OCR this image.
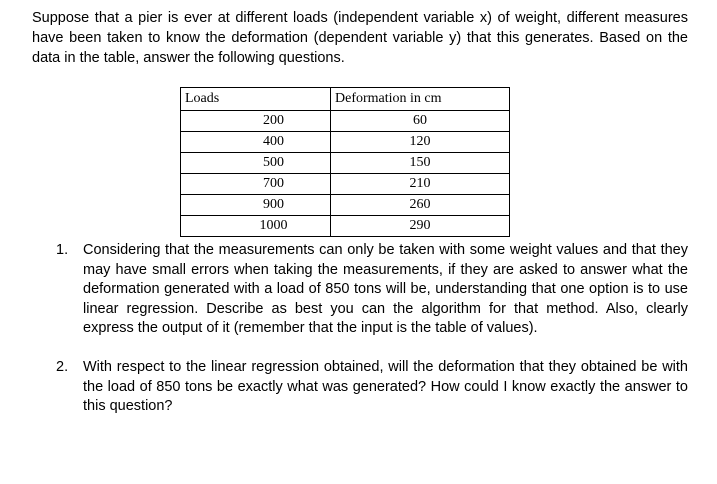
Suppose that a pier is ever at different loads (independent variable x) of weight, different measures have been taken to know the deformation (dependent variable y) that this generates. Based on the data in the table, answer the following questions.
Loads	Deformation in cm
200	60
400	120
500	150
700	210
900	260
1000	290
1. Considering that the measurements can only be taken with some weight values and that they may have small errors when taking the measurements, if they are asked to answer what the deformation generated with a load of 850 tons will be, understanding that one option is to use linear regression. Describe as best you can the algorithm for that method. Also, clearly express the output of it (remember that the input is the table of values).
2. With respect to the linear regression obtained, will the deformation that they obtained be with the load of 850 tons be exactly what was generated? How could I know exactly the answer to this question?
